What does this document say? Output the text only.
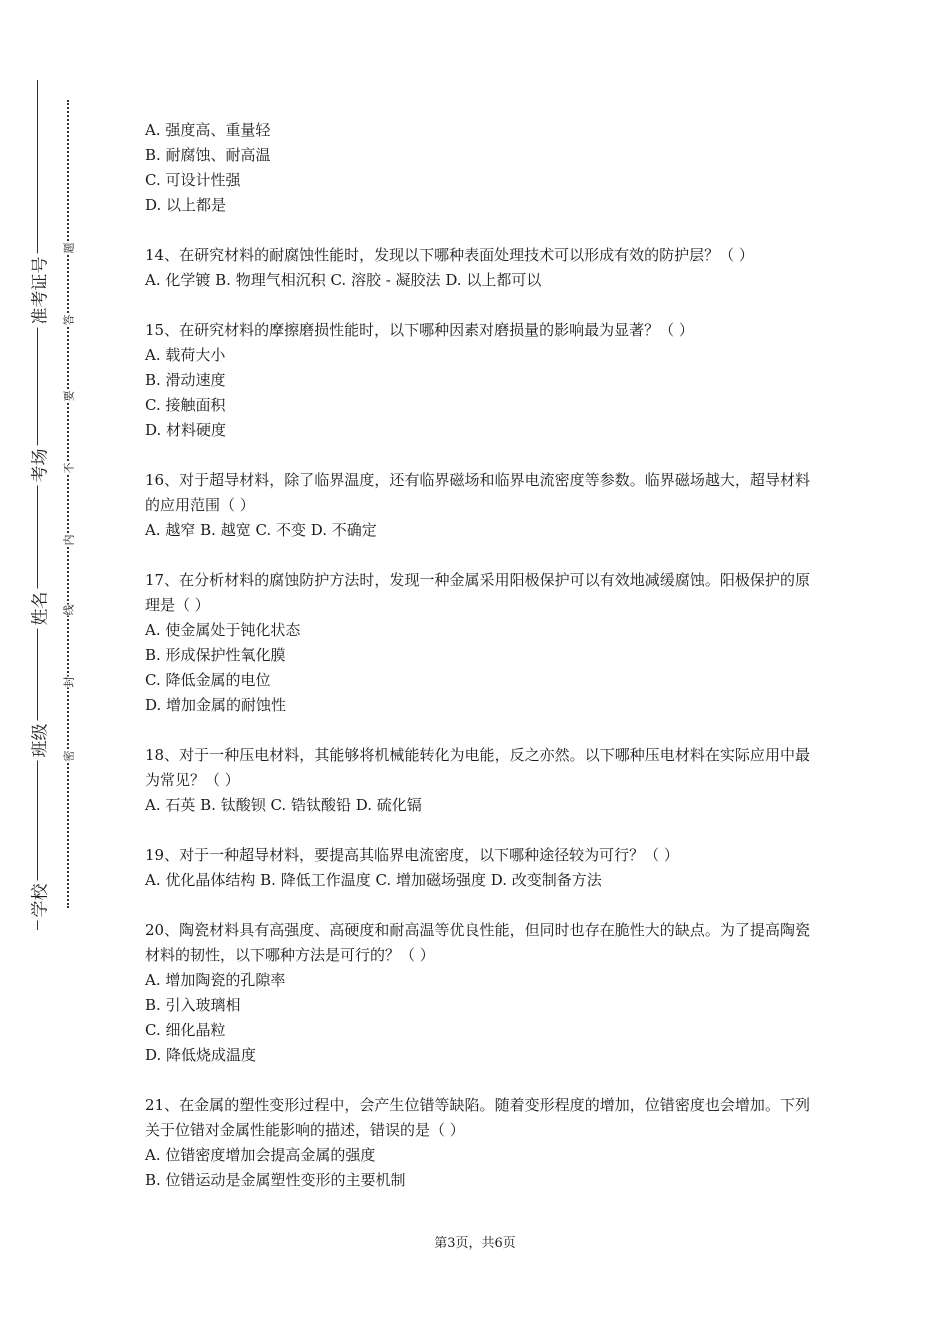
准考证号
考场
姓名
班级
学校
题
答
要
不
内
线
封
密
A. 强度高、重量轻
B. 耐腐蚀、耐高温
C. 可设计性强
D. 以上都是
14、在研究材料的耐腐蚀性能时，发现以下哪种表面处理技术可以形成有效的防护层？（ ）
A. 化学镀 B. 物理气相沉积 C. 溶胶 - 凝胶法 D. 以上都可以
15、在研究材料的摩擦磨损性能时，以下哪种因素对磨损量的影响最为显著？（ ）
A. 载荷大小
B. 滑动速度
C. 接触面积
D. 材料硬度
16、对于超导材料，除了临界温度，还有临界磁场和临界电流密度等参数。临界磁场越大，超导材料的应用范围（ ）
A. 越窄 B. 越宽 C. 不变 D. 不确定
17、在分析材料的腐蚀防护方法时，发现一种金属采用阳极保护可以有效地减缓腐蚀。阳极保护的原理是（ ）
A. 使金属处于钝化状态
B. 形成保护性氧化膜
C. 降低金属的电位
D. 增加金属的耐蚀性
18、对于一种压电材料，其能够将机械能转化为电能，反之亦然。以下哪种压电材料在实际应用中最为常见？（ ）
A. 石英 B. 钛酸钡 C. 锆钛酸铅 D. 硫化镉
19、对于一种超导材料，要提高其临界电流密度，以下哪种途径较为可行？（ ）
A. 优化晶体结构 B. 降低工作温度 C. 增加磁场强度 D. 改变制备方法
20、陶瓷材料具有高强度、高硬度和耐高温等优良性能，但同时也存在脆性大的缺点。为了提高陶瓷材料的韧性，以下哪种方法是可行的？（ ）
A. 增加陶瓷的孔隙率
B. 引入玻璃相
C. 细化晶粒
D. 降低烧成温度
21、在金属的塑性变形过程中，会产生位错等缺陷。随着变形程度的增加，位错密度也会增加。下列关于位错对金属性能影响的描述，错误的是（ ）
A. 位错密度增加会提高金属的强度
B. 位错运动是金属塑性变形的主要机制
第3页，共6页
